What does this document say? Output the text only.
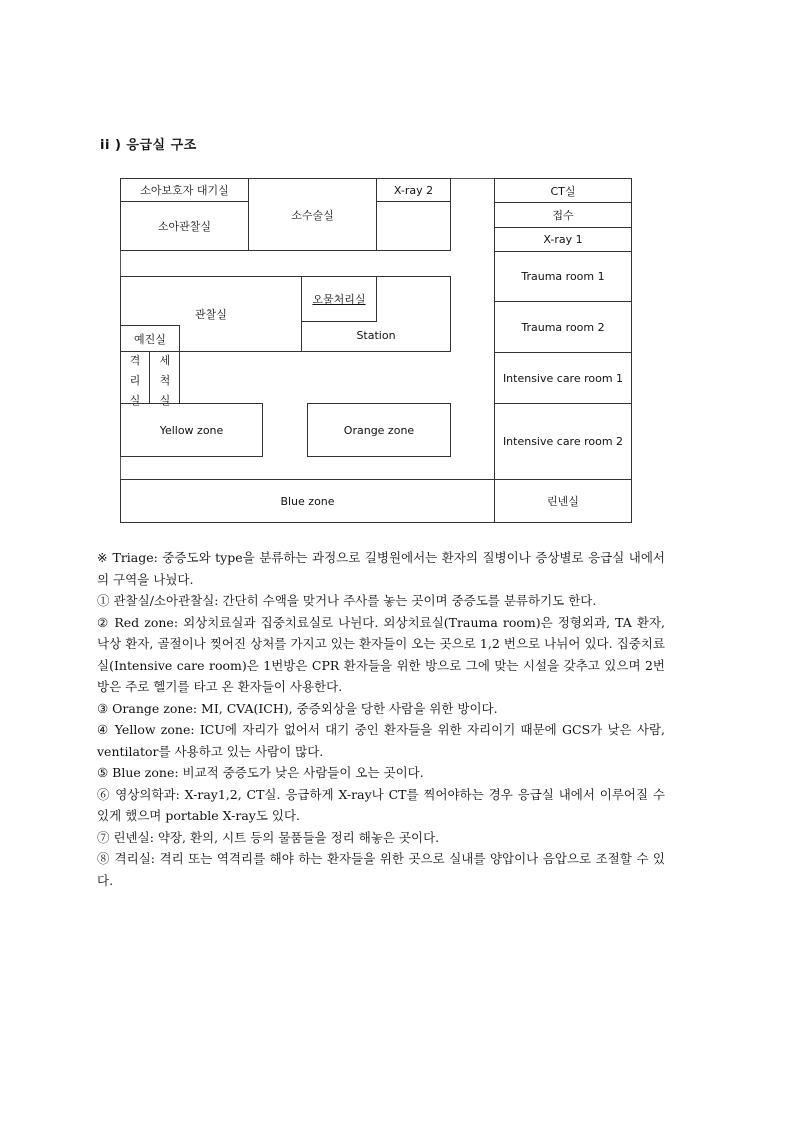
ii ) 응급실 구조
소아보호자 대기실
소아관찰실
소수술실
X-ray 2	CT실
접수
X-ray 1
Trauma room 1
Trauma room 2
Intensive care room 1
Intensive care room 2
린넨실
관찰실
오물처리실
Station
예진실
격리실
세척실
Yellow zone	Orange zone
Blue zone

※ Triage: 중증도와 type을 분류하는 과정으로 길병원에서는 환자의 질병이나 증상별로 응급실 내에서의 구역을 나눴다.

① 관찰실/소아관찰실: 간단히 수액을 맞거나 주사를 놓는 곳이며 중증도를 분류하기도 한다.

② Red zone: 외상치료실과 집중치료실로 나뉜다. 외상치료실(Trauma room)은 정형외과, TA 환자, 낙상 환자, 골절이나 찢어진 상처를 가지고 있는 환자들이 오는 곳으로 1,2 번으로 나뉘어 있다. 집중치료실(Intensive care room)은 1번방은 CPR 환자들을 위한 방으로 그에 맞는 시설을 갖추고 있으며 2번방은 주로 헬기를 타고 온 환자들이 사용한다.

③ Orange zone: MI, CVA(ICH), 중증외상을 당한 사람을 위한 방이다.

④ Yellow zone: ICU에 자리가 없어서 대기 중인 환자들을 위한 자리이기 때문에 GCS가 낮은 사람, ventilator를 사용하고 있는 사람이 많다.

⑤ Blue zone: 비교적 중증도가 낮은 사람들이 오는 곳이다.

⑥ 영상의학과: X-ray1,2, CT실. 응급하게 X-ray나 CT를 찍어야하는 경우 응급실 내에서 이루어질 수 있게 했으며 portable X-ray도 있다.

⑦ 린넨실: 약장, 환의, 시트 등의 물품들을 정리 해놓은 곳이다.

⑧ 격리실: 격리 또는 역격리를 해야 하는 환자들을 위한 곳으로 실내를 양압이나 음압으로 조절할 수 있다.
